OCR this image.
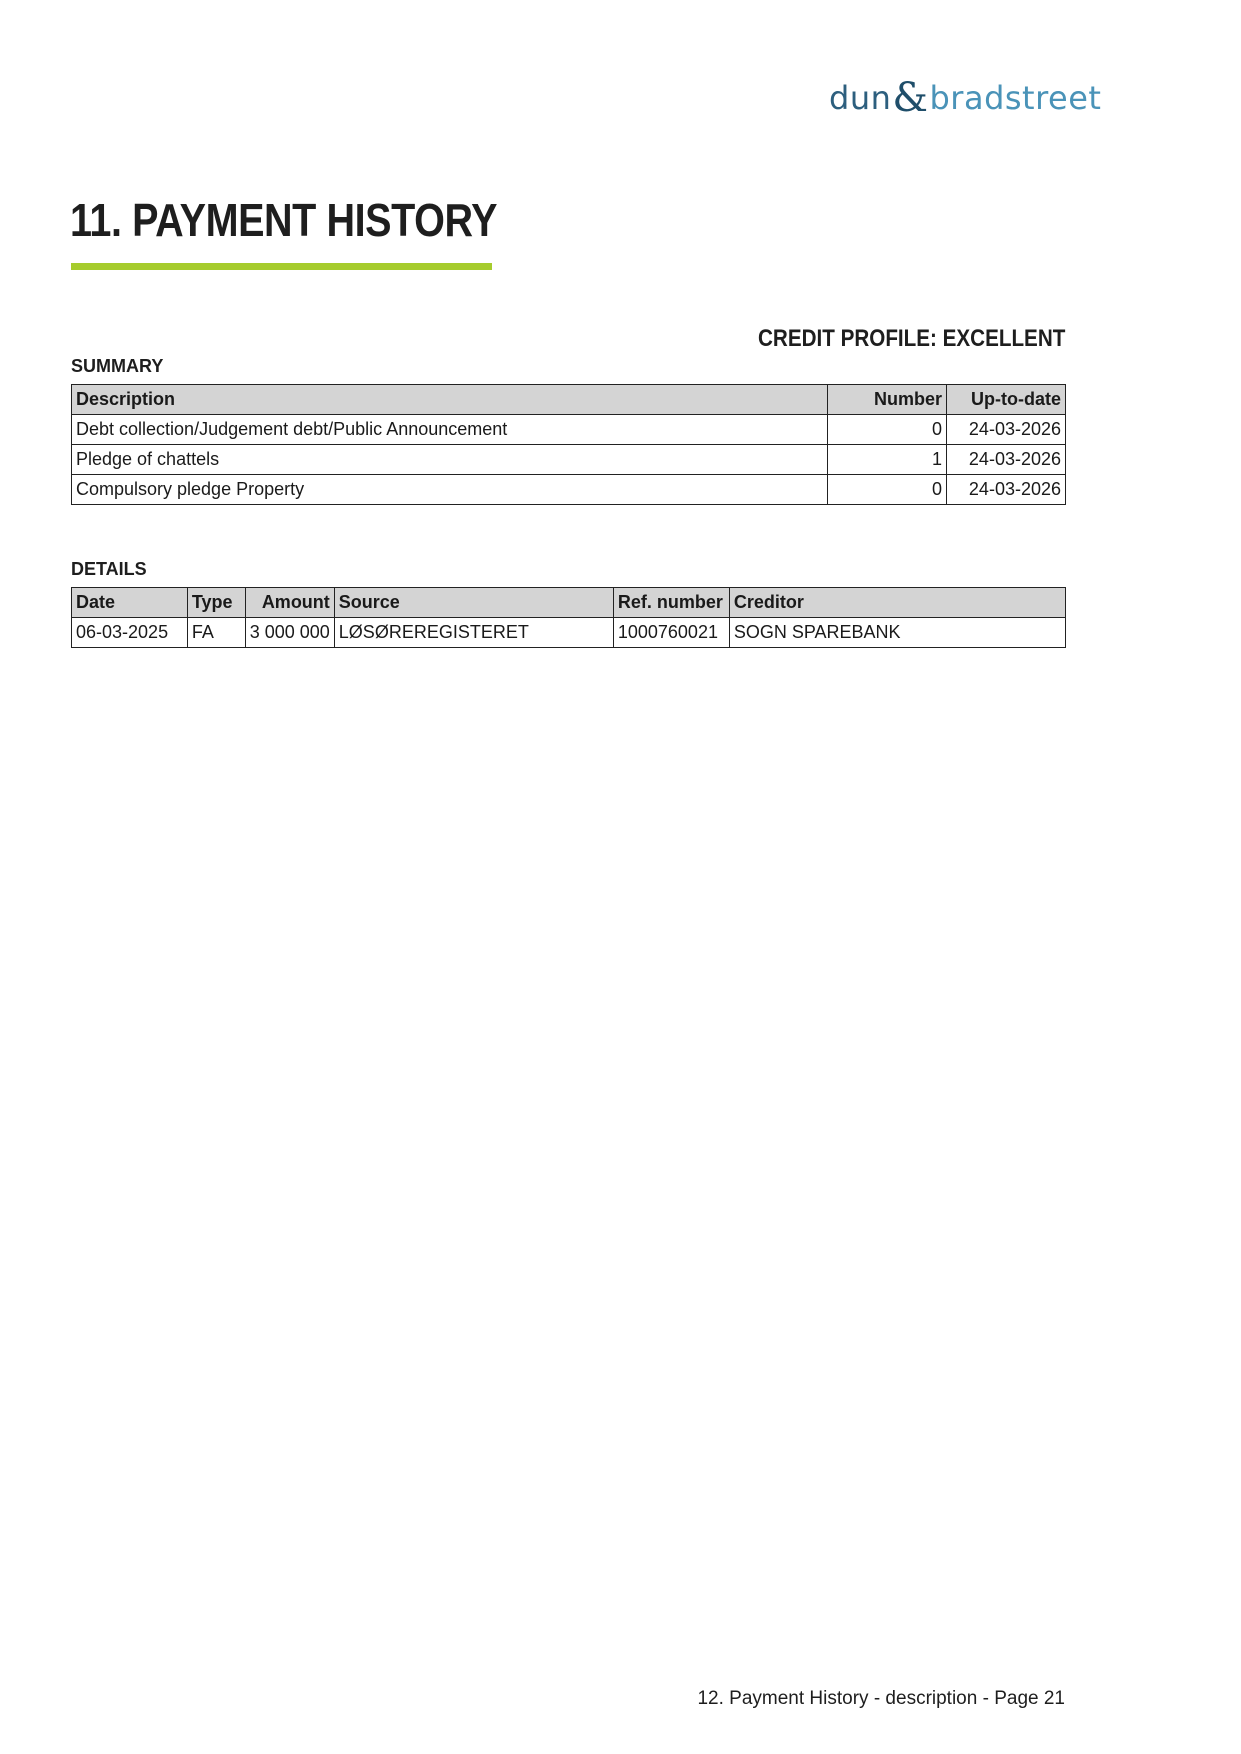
dun & bradstreet
11. PAYMENT HISTORY
CREDIT PROFILE: EXCELLENT
SUMMARY
Description	Number	Up-to-date
Debt collection/Judgement debt/Public Announcement	0	24-03-2026
Pledge of chattels	1	24-03-2026
Compulsory pledge Property	0	24-03-2026
DETAILS
Date	Type	Amount	Source	Ref. number	Creditor
06-03-2025	FA	3 000 000	LØSØREREGISTERET	1000760021	SOGN SPAREBANK
12. Payment History - description - Page 21
